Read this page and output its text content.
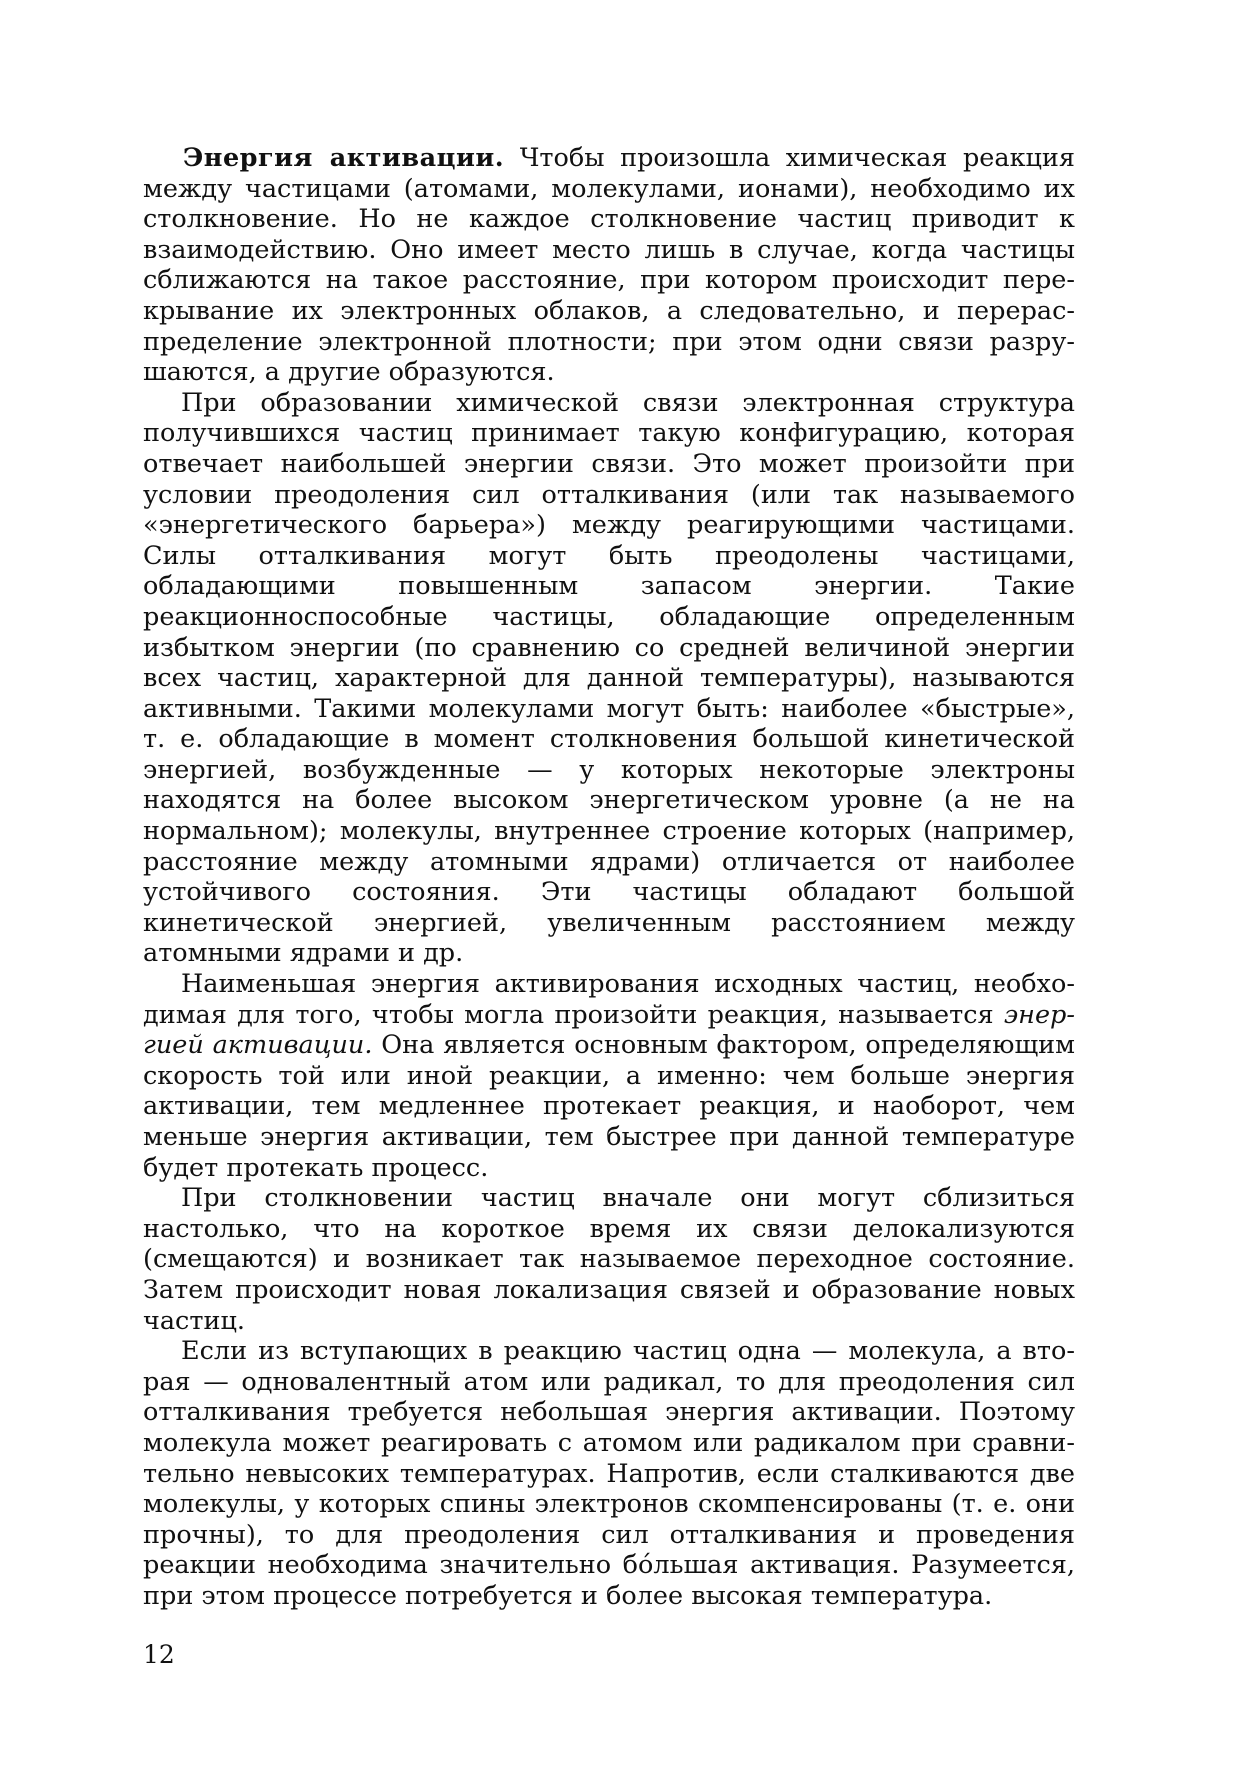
Энергия активации. Чтобы произошла химическая реакция между частицами (атомами, молекулами, ионами), необходимо их столкновение. Но не каждое столкновение частиц приводит к взаимодействию. Оно имеет место лишь в случае, когда частицы сближаются на такое расстояние, при котором происходит перекрывание их электронных облаков, а следовательно, и перераспределение электронной плотности; при этом одни связи разрушаются, а другие образуются.

При образовании химической связи электронная структура получившихся частиц принимает такую конфигурацию, которая отвечает наибольшей энергии связи. Это может произойти при условии преодоления сил отталкивания (или так называемого «энергетического барьера») между реагирующими частицами. Силы отталкивания могут быть преодолены частицами, обладающими повышенным запасом энергии. Такие реакционноспособные частицы, обладающие определенным избытком энергии (по сравнению со средней величиной энергии всех частиц, характерной для данной температуры), называются активными. Такими молекулами могут быть: наиболее «быстрые», т. е. обладающие в момент столкновения большой кинетической энергией, возбужденные — у которых некоторые электроны находятся на более высоком энергетическом уровне (а не на нормальном); молекулы, внутреннее строение которых (например, расстояние между атомными ядрами) отличается от наиболее устойчивого состояния. Эти частицы обладают большой кинетической энергией, увеличенным расстоянием между атомными ядрами и др.

Наименьшая энергия активирования исходных частиц, необходимая для того, чтобы могла произойти реакция, называется энергией активации. Она является основным фактором, определяющим скорость той или иной реакции, а именно: чем больше энергия активации, тем медленнее протекает реакция, и наоборот, чем меньше энергия активации, тем быстрее при данной температуре будет протекать процесс.

При столкновении частиц вначале они могут сблизиться настолько, что на короткое время их связи делокализуются (смещаются) и возникает так называемое переходное состояние. Затем происходит новая локализация связей и образование новых частиц.

Если из вступающих в реакцию частиц одна — молекула, а вторая — одновалентный атом или радикал, то для преодоления сил отталкивания требуется небольшая энергия активации. Поэтому молекула может реагировать с атомом или радикалом при сравнительно невысоких температурах. Напротив, если сталкиваются две молекулы, у которых спины электронов скомпенсированы (т. е. они прочны), то для преодоления сил отталкивания и проведения реакции необходима значительно бóльшая активация. Разумеется, при этом процессе потребуется и более высокая температура.

12
